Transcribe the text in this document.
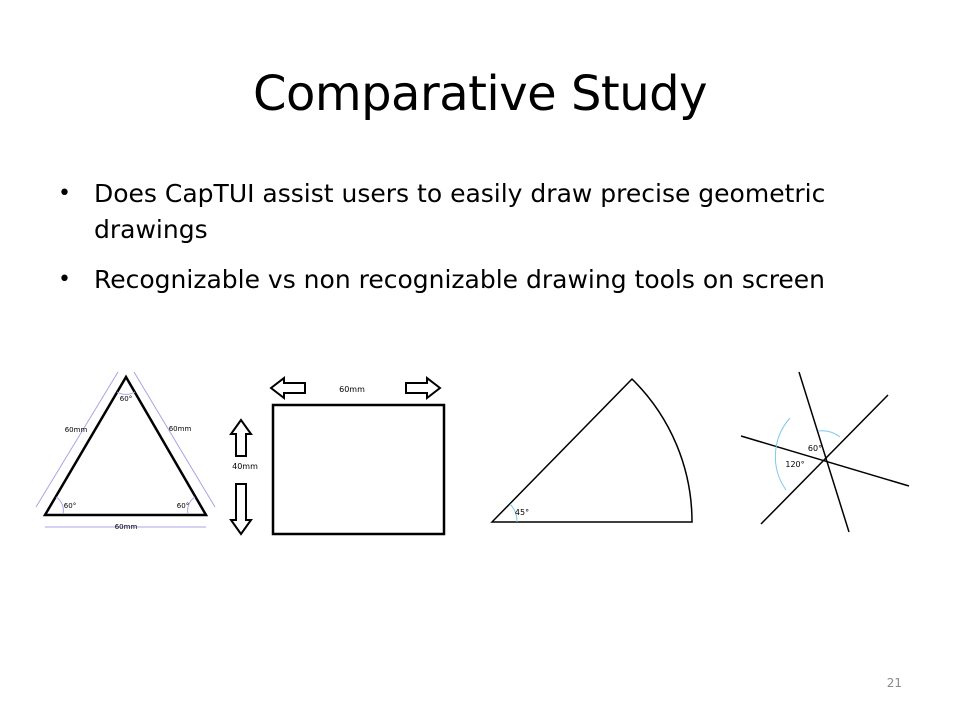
Comparative Study
• Does CapTUI assist users to easily draw precise geometric drawings
• Recognizable vs non recognizable drawing tools on screen
60°
60°	60°
60mm	60mm
60mm
60mm
40mm
45°
60°
120°
21
